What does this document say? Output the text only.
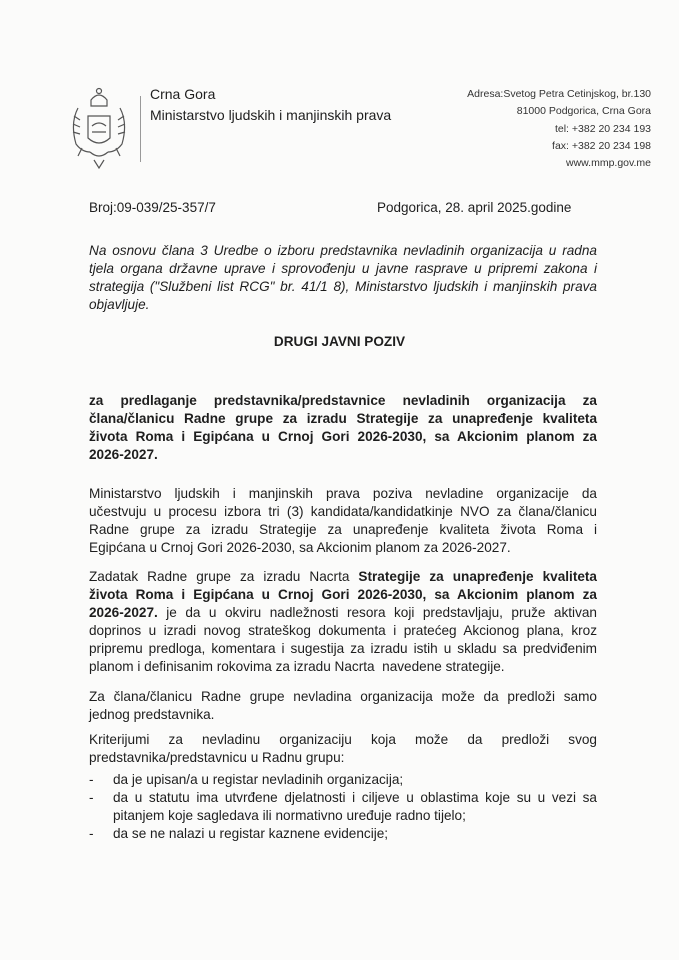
Crna Gora
Ministarstvo ljudskih i manjinskih prava
Adresa:Svetog Petra Cetinjskog, br.130
81000 Podgorica, Crna Gora
tel: +382 20 234 193
fax: +382 20 234 198
www.mmp.gov.me
Broj:09-039/25-357/7	Podgorica, 28. april 2025.godine
Na osnovu člana 3 Uredbe o izboru predstavnika nevladinih organizacija u radna
tjela organa državne uprave i sprovođenju u javne rasprave u pripremi zakona i
strategija ("Službeni list RCG" br. 41/1 8), Ministarstvo ljudskih i manjinskih prava
objavljuje.
DRUGI JAVNI POZIV
za predlaganje predstavnika/predstavnice nevladinih organizacija za
člana/članicu Radne grupe za izradu Strategije za unapređenje kvaliteta
života Roma i Egipćana u Crnoj Gori 2026-2030, sa Akcionim planom za
2026-2027.
Ministarstvo ljudskih i manjinskih prava poziva nevladine organizacije da
učestvuju u procesu izbora tri (3) kandidata/kandidatkinje NVO za člana/članicu
Radne grupe za izradu Strategije za unapređenje kvaliteta života Roma i
Egipćana u Crnoj Gori 2026-2030, sa Akcionim planom za 2026-2027.
Zadatak Radne grupe za izradu Nacrta Strategije za unapređenje kvaliteta
života Roma i Egipćana u Crnoj Gori 2026-2030, sa Akcionim planom za
2026-2027. je da u okviru nadležnosti resora koji predstavljaju, pruže aktivan
doprinos u izradi novog strateškog dokumenta i pratećeg Akcionog plana, kroz
pripremu predloga, komentara i sugestija za izradu istih u skladu sa predviđenim
planom i definisanim rokovima za izradu Nacrta  navedene strategije.
Za člana/članicu Radne grupe nevladina organizacija može da predloži samo
jednog predstavnika.
Kriterijumi za nevladinu organizaciju koja može da predloži svog
predstavnika/predstavnicu u Radnu grupu:
- da je upisan/a u registar nevladinih organizacija;
- da u statutu ima utvrđene djelatnosti i ciljeve u oblastima koje su u vezi sa
pitanjem koje sagledava ili normativno uređuje radno tijelo;
- da se ne nalazi u registar kaznene evidencije;
